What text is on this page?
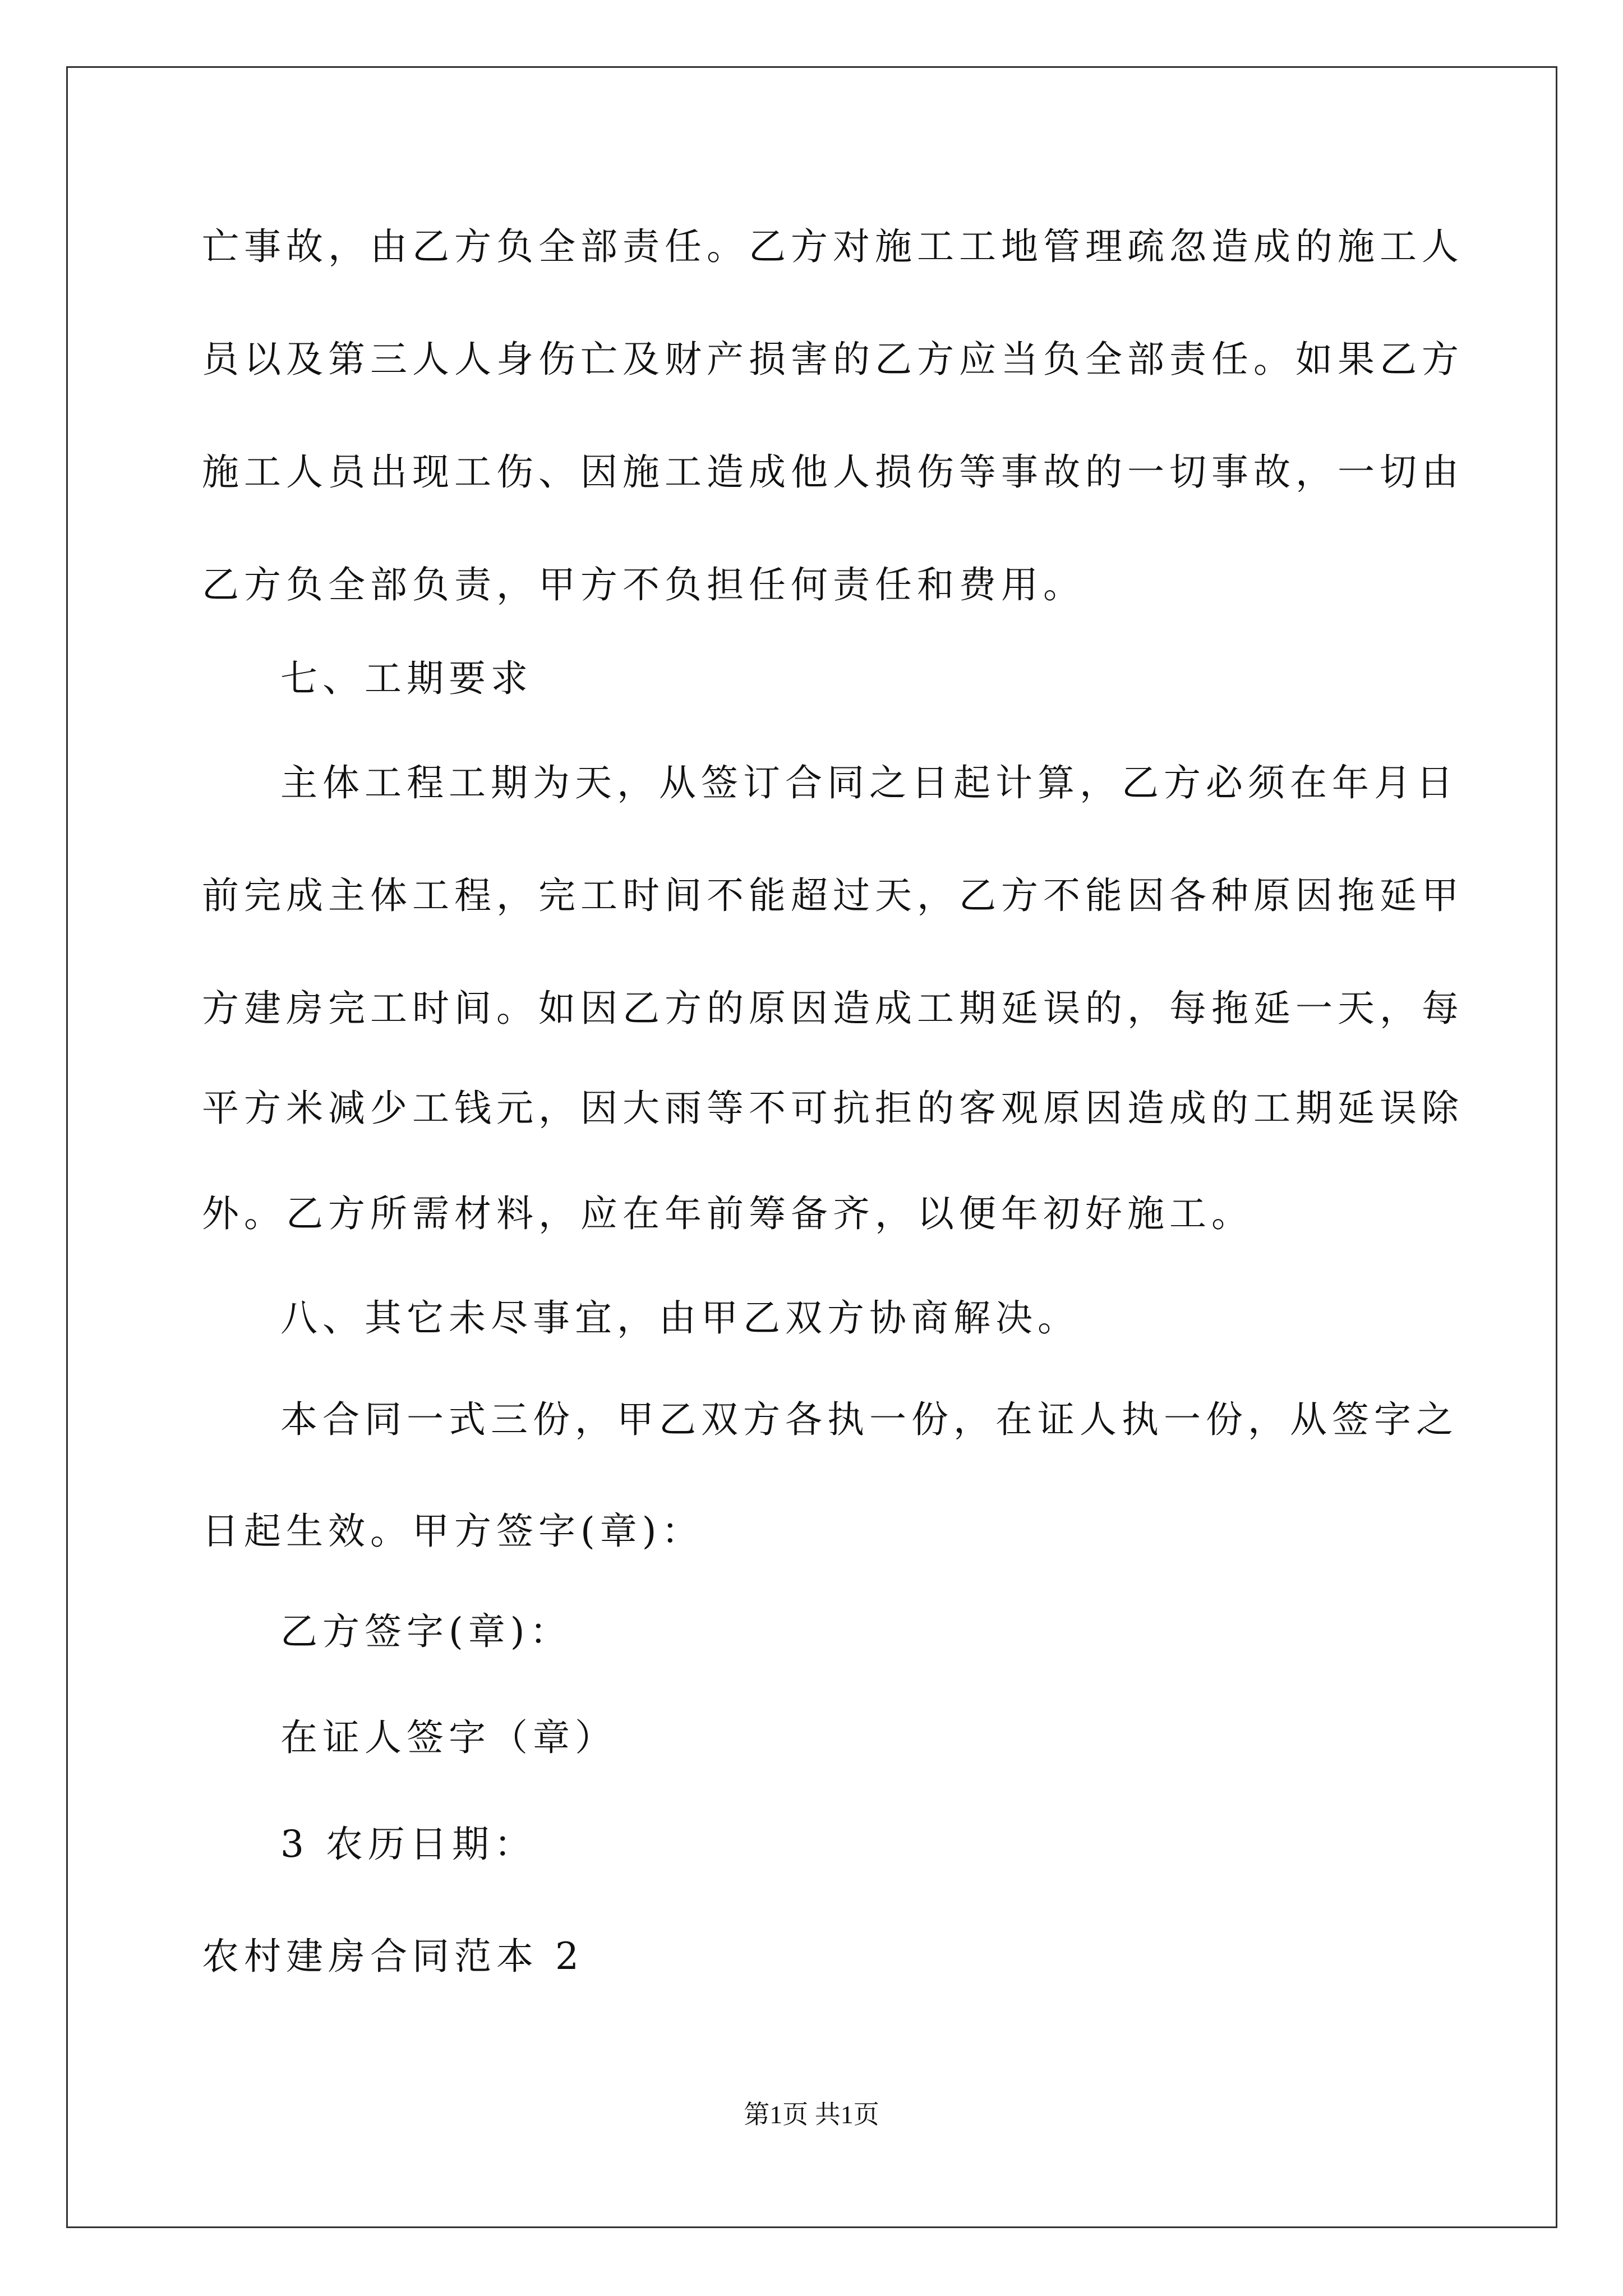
亡事故，由乙方负全部责任。乙方对施工工地管理疏忽造成的施工人
员以及第三人人身伤亡及财产损害的乙方应当负全部责任。如果乙方
施工人员出现工伤、因施工造成他人损伤等事故的一切事故，一切由
乙方负全部负责，甲方不负担任何责任和费用。
七、工期要求
主体工程工期为天，从签订合同之日起计算，乙方必须在年月日
前完成主体工程，完工时间不能超过天，乙方不能因各种原因拖延甲
方建房完工时间。如因乙方的原因造成工期延误的，每拖延一天，每
平方米减少工钱元，因大雨等不可抗拒的客观原因造成的工期延误除
外。乙方所需材料，应在年前筹备齐，以便年初好施工。
八、其它未尽事宜，由甲乙双方协商解决。
本合同一式三份，甲乙双方各执一份，在证人执一份，从签字之
日起生效。甲方签字(章)：
乙方签字(章)：
在证人签字（章）
3 农历日期：
农村建房合同范本 2
第1页 共1页
